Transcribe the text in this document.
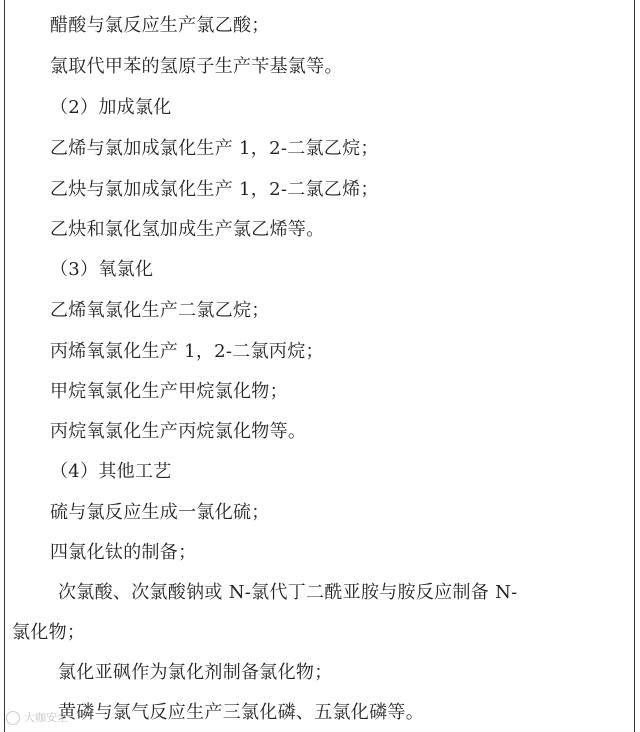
醋酸与氯反应生产氯乙酸；
氯取代甲苯的氢原子生产苄基氯等。
（2）加成氯化
乙烯与氯加成氯化生产 1，2-二氯乙烷；
乙炔与氯加成氯化生产 1，2-二氯乙烯；
乙炔和氯化氢加成生产氯乙烯等。
（3）氧氯化
乙烯氧氯化生产二氯乙烷；
丙烯氧氯化生产 1，2-二氯丙烷；
甲烷氧氯化生产甲烷氯化物；
丙烷氧氯化生产丙烷氯化物等。
（4）其他工艺
硫与氯反应生成一氯化硫；
四氯化钛的制备；
次氯酸、次氯酸钠或 N-氯代丁二酰亚胺与胺反应制备 N-
氯化物；
氯化亚砜作为氯化剂制备氯化物；
黄磷与氯气反应生产三氯化磷、五氯化磷等。
大咖安全
